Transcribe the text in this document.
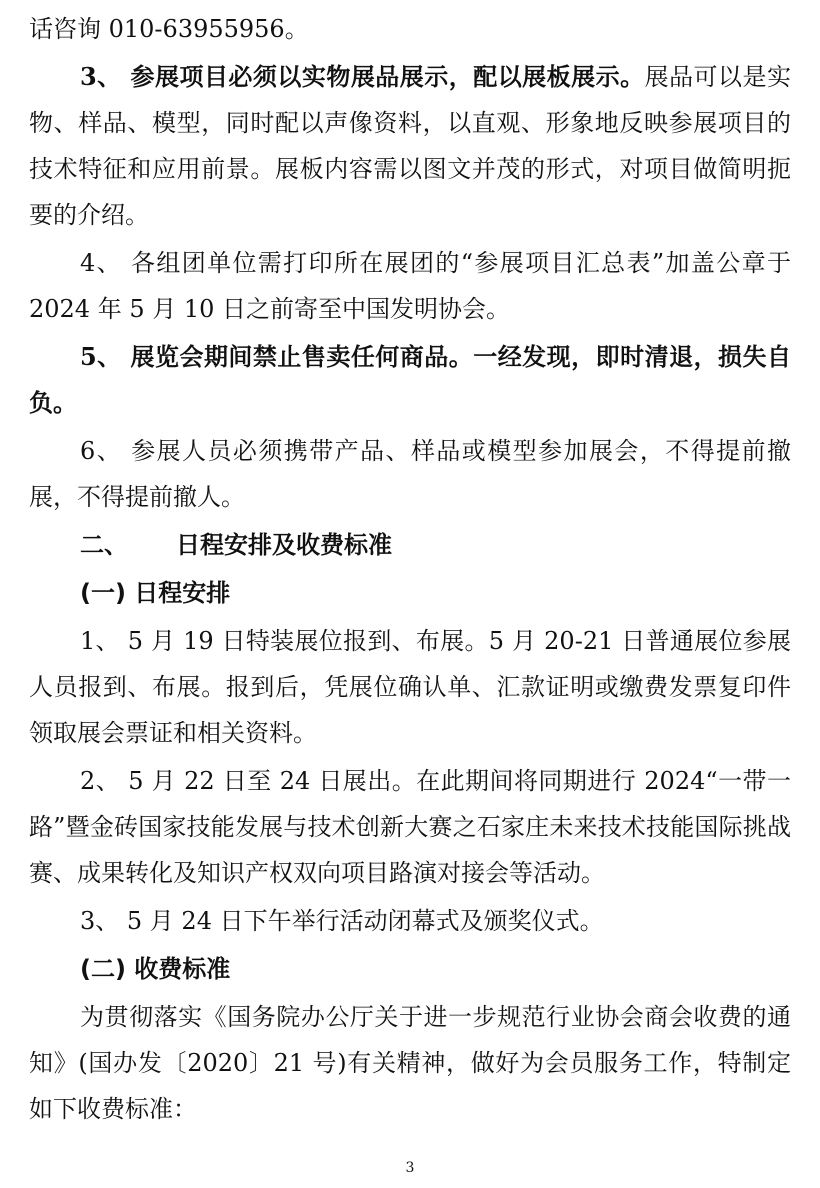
话咨询 010-63955956。

3、 参展项目必须以实物展品展示，配以展板展示。展品可以是实物、样品、模型，同时配以声像资料，以直观、形象地反映参展项目的技术特征和应用前景。展板内容需以图文并茂的形式，对项目做简明扼要的介绍。

4、 各组团单位需打印所在展团的“参展项目汇总表”加盖公章于 2024 年 5 月 10 日之前寄至中国发明协会。

5、 展览会期间禁止售卖任何商品。一经发现，即时清退，损失自负。

6、 参展人员必须携带产品、样品或模型参加展会，不得提前撤展，不得提前撤人。

二、 日程安排及收费标准

(一) 日程安排

1、 5 月 19 日特装展位报到、布展。5 月 20-21 日普通展位参展人员报到、布展。报到后，凭展位确认单、汇款证明或缴费发票复印件领取展会票证和相关资料。

2、 5 月 22 日至 24 日展出。在此期间将同期进行 2024“一带一路”暨金砖国家技能发展与技术创新大赛之石家庄未来技术技能国际挑战赛、成果转化及知识产权双向项目路演对接会等活动。

3、 5 月 24 日下午举行活动闭幕式及颁奖仪式。

(二) 收费标准

为贯彻落实《国务院办公厅关于进一步规范行业协会商会收费的通知》(国办发〔2020〕21 号)有关精神，做好为会员服务工作，特制定如下收费标准：

3
